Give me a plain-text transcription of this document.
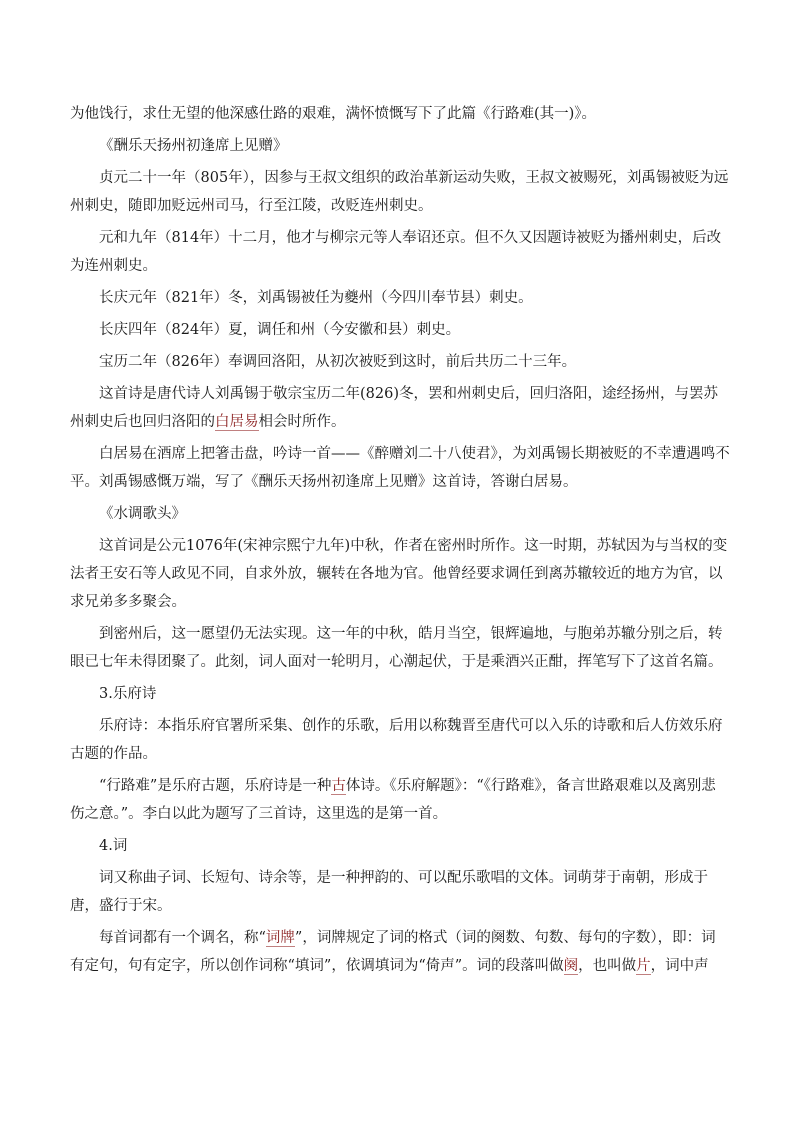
为他饯行，求仕无望的他深感仕路的艰难，满怀愤慨写下了此篇《行路难(其一)》。

《酬乐天扬州初逢席上见赠》

贞元二十一年（805年），因参与王叔文组织的政治革新运动失败，王叔文被赐死，刘禹锡被贬为远州刺史，随即加贬远州司马，行至江陵，改贬连州刺史。

元和九年（814年）十二月，他才与柳宗元等人奉诏还京。但不久又因题诗被贬为播州刺史，后改为连州刺史。

长庆元年（821年）冬，刘禹锡被任为夔州（今四川奉节县）刺史。

长庆四年（824年）夏，调任和州（今安徽和县）刺史。

宝历二年（826年）奉调回洛阳，从初次被贬到这时，前后共历二十三年。

这首诗是唐代诗人刘禹锡于敬宗宝历二年(826)冬，罢和州刺史后，回归洛阳，途经扬州，与罢苏州刺史后也回归洛阳的白居易相会时所作。

白居易在酒席上把箸击盘，吟诗一首——《醉赠刘二十八使君》，为刘禹锡长期被贬的不幸遭遇鸣不平。刘禹锡感慨万端，写了《酬乐天扬州初逢席上见赠》这首诗，答谢白居易。

《水调歌头》

这首词是公元1076年(宋神宗熙宁九年)中秋，作者在密州时所作。这一时期，苏轼因为与当权的变法者王安石等人政见不同，自求外放，辗转在各地为官。他曾经要求调任到离苏辙较近的地方为官，以求兄弟多多聚会。

到密州后，这一愿望仍无法实现。这一年的中秋，皓月当空，银辉遍地，与胞弟苏辙分别之后，转眼已七年未得团聚了。此刻，词人面对一轮明月，心潮起伏，于是乘酒兴正酣，挥笔写下了这首名篇。

3.乐府诗

乐府诗：本指乐府官署所采集、创作的乐歌，后用以称魏晋至唐代可以入乐的诗歌和后人仿效乐府古题的作品。

“行路难”是乐府古题，乐府诗是一种古体诗。《乐府解题》：“《行路难》，备言世路艰难以及离别悲伤之意。”。李白以此为题写了三首诗，这里选的是第一首。

4.词

词又称曲子词、长短句、诗余等，是一种押韵的、可以配乐歌唱的文体。词萌芽于南朝，形成于唐，盛行于宋。

每首词都有一个调名，称“词牌”，词牌规定了词的格式（词的阕数、句数、每句的字数），即：词有定句，句有定字，所以创作词称“填词”，依调填词为“倚声”。词的段落叫做阕，也叫做片，词中声
